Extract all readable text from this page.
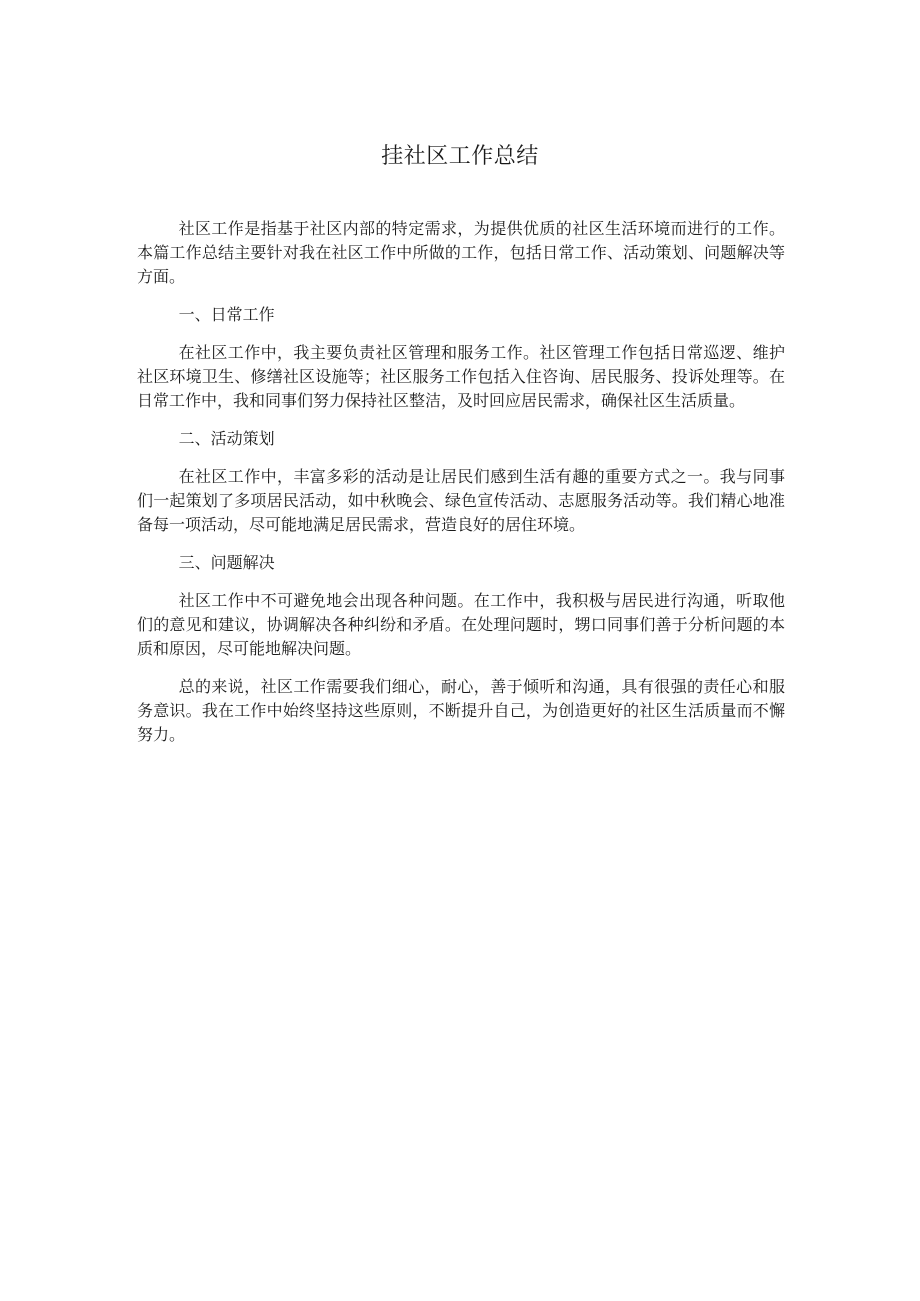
挂社区工作总结

社区工作是指基于社区内部的特定需求，为提供优质的社区生活环境而进行的工作。本篇工作总结主要针对我在社区工作中所做的工作，包括日常工作、活动策划、问题解决等方面。

一、日常工作

在社区工作中，我主要负责社区管理和服务工作。社区管理工作包括日常巡逻、维护社区环境卫生、修缮社区设施等；社区服务工作包括入住咨询、居民服务、投诉处理等。在日常工作中，我和同事们努力保持社区整洁，及时回应居民需求，确保社区生活质量。

二、活动策划

在社区工作中，丰富多彩的活动是让居民们感到生活有趣的重要方式之一。我与同事们一起策划了多项居民活动，如中秋晚会、绿色宣传活动、志愿服务活动等。我们精心地准备每一项活动，尽可能地满足居民需求，营造良好的居住环境。

三、问题解决

社区工作中不可避免地会出现各种问题。在工作中，我积极与居民进行沟通，听取他们的意见和建议，协调解决各种纠纷和矛盾。在处理问题时，甥口同事们善于分析问题的本质和原因，尽可能地解决问题。

总的来说，社区工作需要我们细心，耐心，善于倾听和沟通，具有很强的责任心和服务意识。我在工作中始终坚持这些原则，不断提升自己，为创造更好的社区生活质量而不懈努力。
